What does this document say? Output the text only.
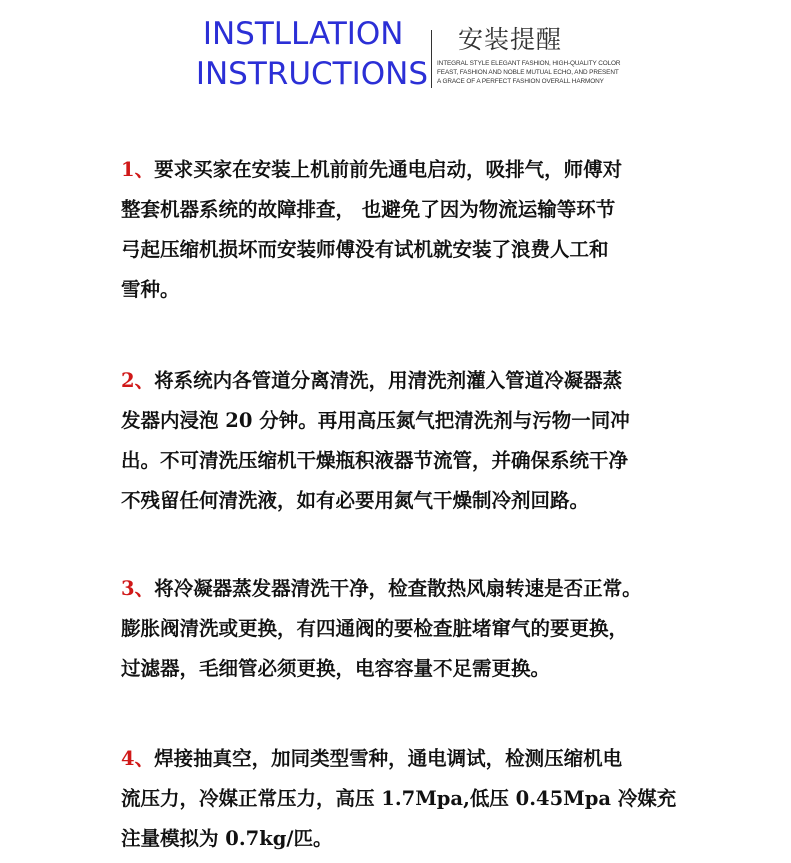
INSTLLATION
INSTRUCTIONS
安装提醒
INTEGRAL STYLE ELEGANT FASHION, HIGH-QUALITY COLOR
FEAST, FASHION AND NOBLE MUTUAL ECHO, AND PRESENT
A GRACE OF A PERFECT FASHION OVERALL HARMONY
1、要求买家在安装上机前前先通电启动，吸排气，师傅对
整套机器系统的故障排查， 也避免了因为物流运输等环节
弓起压缩机损坏而安装师傅没有试机就安装了浪费人工和
雪种。
2、将系统内各管道分离清洗，用清洗剂灌入管道冷凝器蒸
发器内浸泡 20 分钟。再用高压氮气把清洗剂与污物一同冲
出。不可清洗压缩机干燥瓶积液器节流管，并确保系统干净
不残留任何清洗液，如有必要用氮气干燥制冷剂回路。
3、将冷凝器蒸发器清洗干净，检查散热风扇转速是否正常。
膨胀阀清洗或更换，有四通阀的要检查脏堵窜气的要更换，
过滤器，毛细管必须更换，电容容量不足需更换。
4、焊接抽真空，加同类型雪种，通电调试，检测压缩机电
流压力，冷媒正常压力，高压 1.7Mpa,低压 0.45Mpa 冷媒充
注量模拟为 0.7kg/匹。
